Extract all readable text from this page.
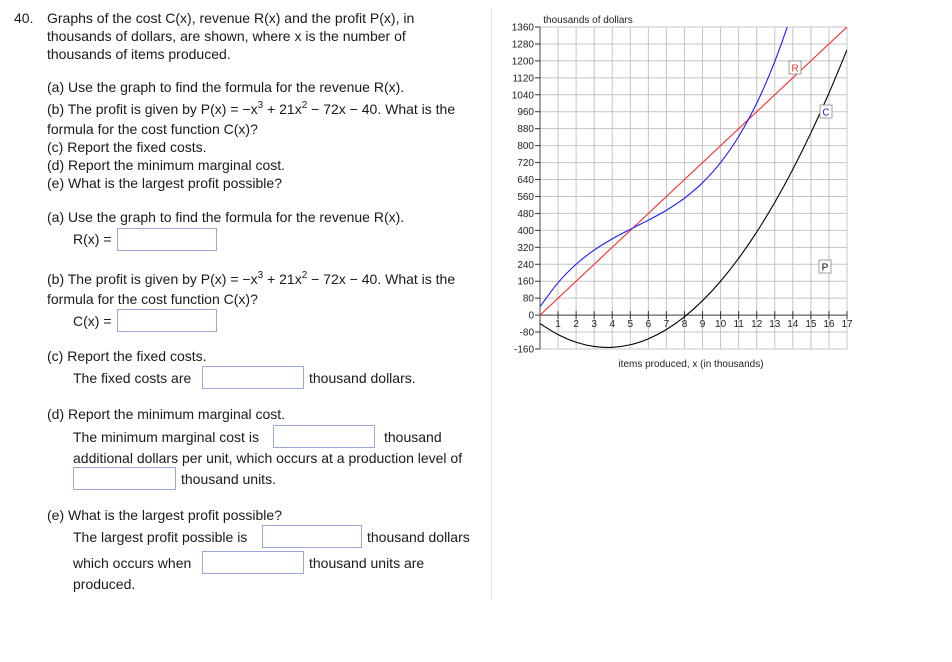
40. Graphs of the cost C(x), revenue R(x) and the profit P(x), in
thousands of dollars, are shown, where x is the number of
thousands of items produced.
(a) Use the graph to find the formula for the revenue R(x).
(b) The profit is given by $P(x) = -x^3 + 21x^2 - 72x - 40$. What is the
formula for the cost function C(x)?
(c) Report the fixed costs.
(d) Report the minimum marginal cost.
(e) What is the largest profit possible?
(a) Use the graph to find the formula for the revenue R(x).
R(x) =
(b) The profit is given by $P(x) = -x^3 + 21x^2 - 72x - 40$. What is the
formula for the cost function C(x)?
C(x) =
(c) Report the fixed costs.
The fixed costs are	thousand dollars.
(d) Report the minimum marginal cost.
The minimum marginal cost is	thousand
additional dollars per unit, which occurs at a production level of
thousand units.
(e) What is the largest profit possible?
The largest profit possible is	thousand dollars
which occurs when	thousand units are
produced.
thousands of dollars
items produced, x (in thousands)
-160
-80
0
80
160
240
320
400
480
560
640
720
800
880
960
1040
1120
1200
1280
1360
1 2 3 4 5 6 7 8 9 10 11 12 13 14 15 16 17
R
C
P
